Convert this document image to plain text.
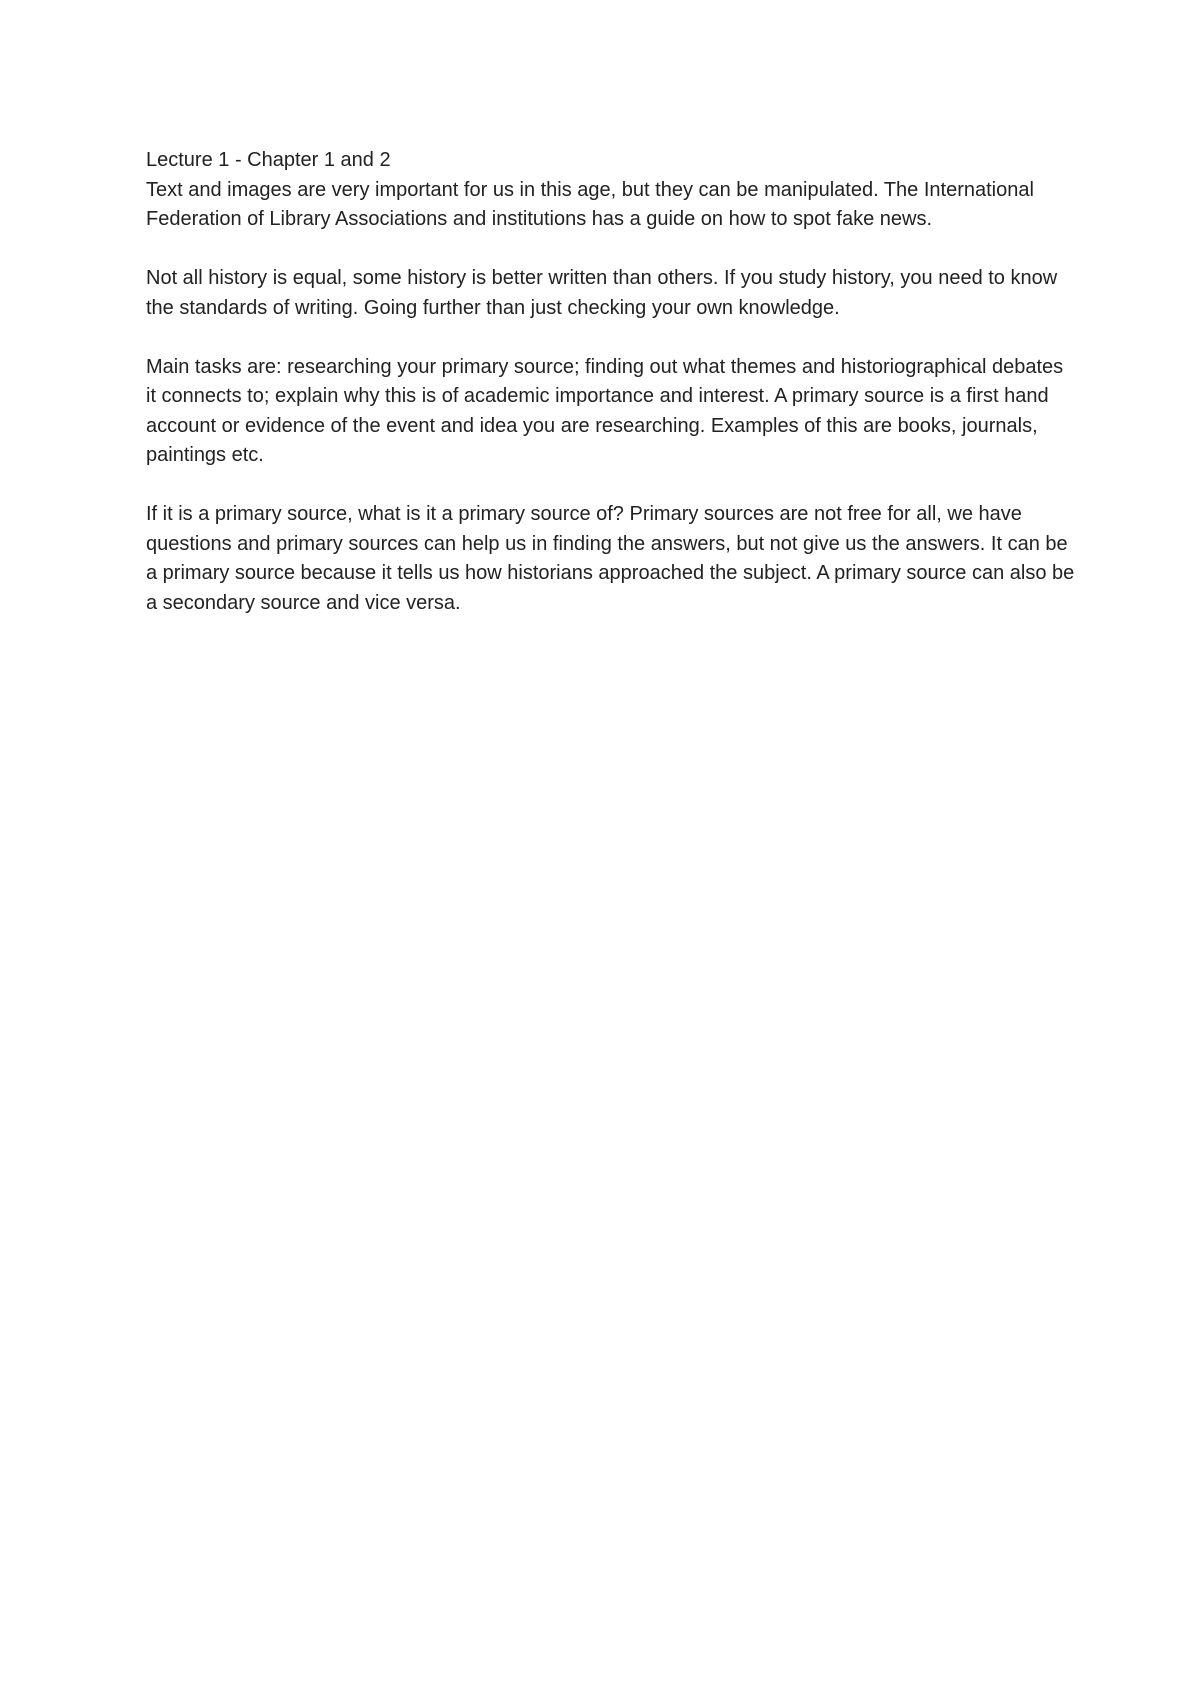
Lecture 1 - Chapter 1 and 2

Text and images are very important for us in this age, but they can be manipulated. The International Federation of Library Associations and institutions has a guide on how to spot fake news.

Not all history is equal, some history is better written than others. If you study history, you need to know the standards of writing. Going further than just checking your own knowledge.

Main tasks are: researching your primary source; finding out what themes and historiographical debates it connects to; explain why this is of academic importance and interest. A primary source is a first hand account or evidence of the event and idea you are researching. Examples of this are books, journals, paintings etc.

If it is a primary source, what is it a primary source of? Primary sources are not free for all, we have questions and primary sources can help us in finding the answers, but not give us the answers. It can be a primary source because it tells us how historians approached the subject. A primary source can also be a secondary source and vice versa.
